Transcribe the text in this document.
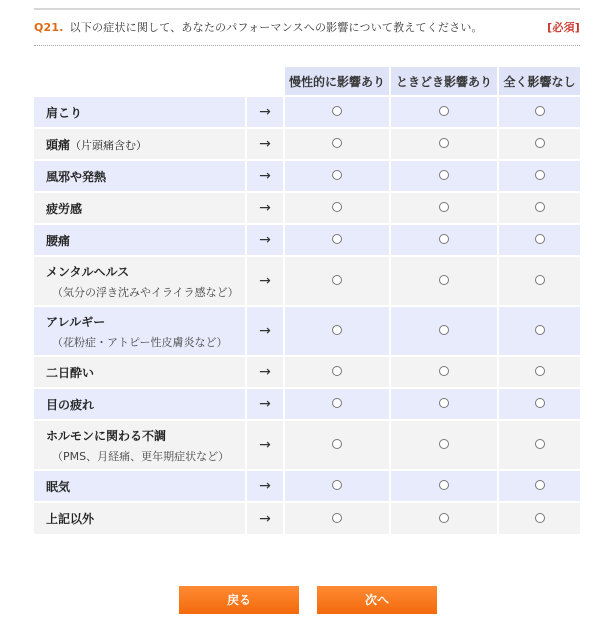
Q21. 以下の症状に関して、あなたのパフォーマンスへの影響について教えてください。	[必須]
		慢性的に影響あり	ときどき影響あり	全く影響なし

肩こり	→			

頭痛（片頭痛含む）	→			

風邪や発熱	→			

疲労感	→			

腰痛	→			

メンタルヘルス
（気分の浮き沈みやイライラ感など）	→			

アレルギー
（花粉症・アトピー性皮膚炎など）	→			

二日酔い	→			

目の疲れ	→			

ホルモンに関わる不調
（PMS、月経痛、更年期症状など）	→			

眠気	→			

上記以外	→			
戻る	次へ
